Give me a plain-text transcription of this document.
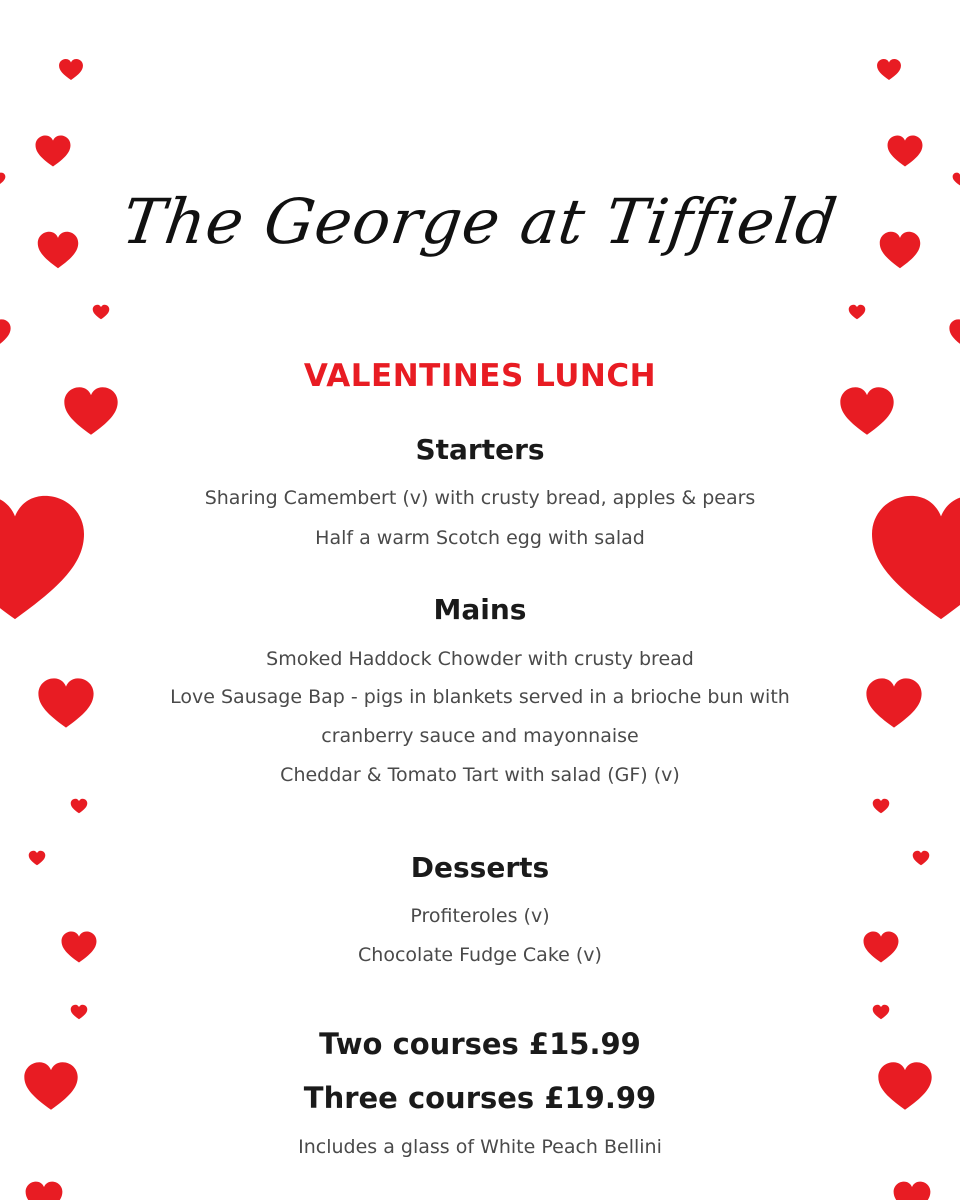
The George at Tiffield
VALENTINES LUNCH
Starters
Sharing Camembert (v) with crusty bread, apples & pears
Half a warm Scotch egg with salad
Mains
Smoked Haddock Chowder with crusty bread
Love Sausage Bap - pigs in blankets served in a brioche bun with
cranberry sauce and mayonnaise
Cheddar & Tomato Tart with salad (GF) (v)
Desserts
Profiteroles (v)
Chocolate Fudge Cake (v)
Two courses £15.99
Three courses £19.99
Includes a glass of White Peach Bellini
